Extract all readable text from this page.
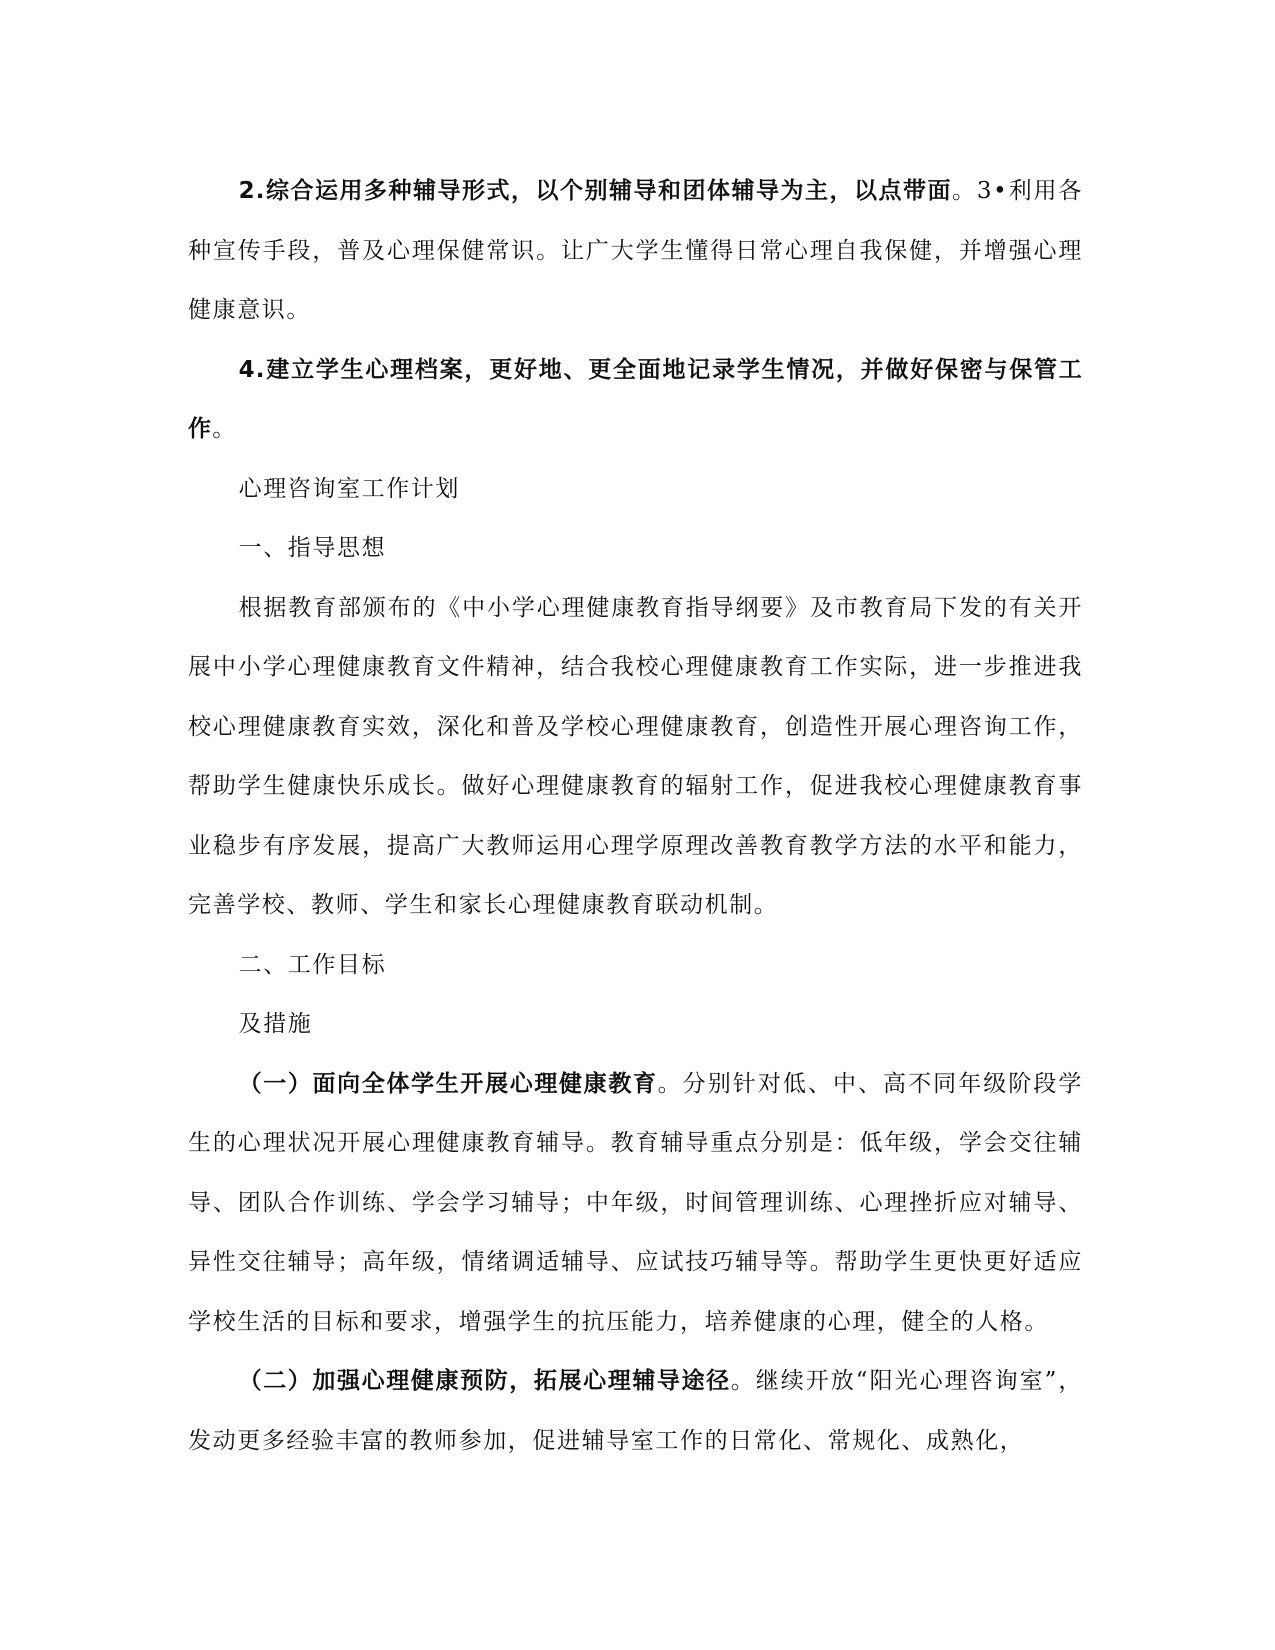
2.综合运用多种辅导形式，以个别辅导和团体辅导为主，以点带面。3•利用各种宣传手段，普及心理保健常识。让广大学生懂得日常心理自我保健，并增强心理健康意识。

4.建立学生心理档案，更好地、更全面地记录学生情况，并做好保密与保管工作。

心理咨询室工作计划

一、指导思想

根据教育部颁布的《中小学心理健康教育指导纲要》及市教育局下发的有关开展中小学心理健康教育文件精神，结合我校心理健康教育工作实际，进一步推进我校心理健康教育实效，深化和普及学校心理健康教育，创造性开展心理咨询工作，帮助学生健康快乐成长。做好心理健康教育的辐射工作，促进我校心理健康教育事业稳步有序发展，提高广大教师运用心理学原理改善教育教学方法的水平和能力，完善学校、教师、学生和家长心理健康教育联动机制。

二、工作目标

及措施

（一）面向全体学生开展心理健康教育。分别针对低、中、高不同年级阶段学生的心理状况开展心理健康教育辅导。教育辅导重点分别是：低年级，学会交往辅导、团队合作训练、学会学习辅导；中年级，时间管理训练、心理挫折应对辅导、异性交往辅导；高年级，情绪调适辅导、应试技巧辅导等。帮助学生更快更好适应学校生活的目标和要求，增强学生的抗压能力，培养健康的心理，健全的人格。

（二）加强心理健康预防，拓展心理辅导途径。继续开放“阳光心理咨询室”，发动更多经验丰富的教师参加，促进辅导室工作的日常化、常规化、成熟化，
